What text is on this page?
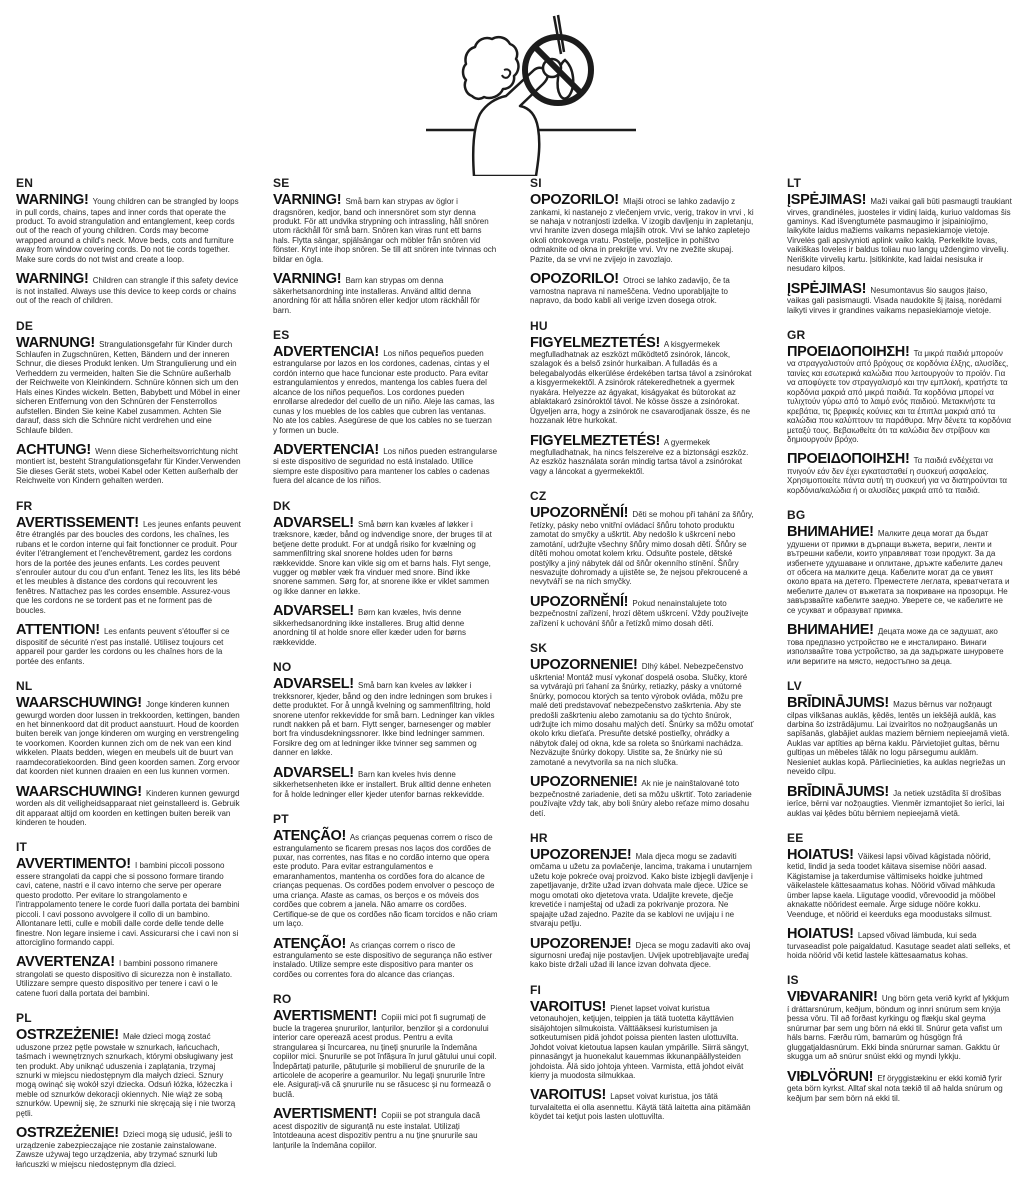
EN

WARNING! Young children can be strangled by loops in pull cords, chains, tapes and inner cords that operate the product. To avoid strangulation and entanglement, keep cords out of the reach of young children. Cords may become wrapped around a child's neck. Move beds, cots and furniture away from window covering cords. Do not tie cords together. Make sure cords do not twist and create a loop.

WARNING! Children can strangle if this safety device is not installed. Always use this device to keep cords or chains out of the reach of children.

DE

WARNUNG! Strangulationsgefahr für Kinder durch Schlaufen in Zugschnüren, Ketten, Bändern und der inneren Schnur, die dieses Produkt lenken. Um Strangulierung und ein Verheddern zu vermeiden, halten Sie die Schnüre außerhalb der Reichweite von Kleinkindern. Schnüre können sich um den Hals eines Kindes wickeln. Betten, Babybett und Möbel in einer sicheren Entfernung von den Schnüren der Fensterrollos aufstellen. Binden Sie keine Kabel zusammen. Achten Sie darauf, dass sich die Schnüre nicht verdrehen und eine Schlaufe bilden.

ACHTUNG! Wenn diese Sicherheitsvorrichtung nicht montiert ist, besteht Strangulationsgefahr für Kinder.Verwenden Sie dieses Gerät stets, wobei Kabel oder Ketten außerhalb der Reichweite von Kindern gehalten werden.

FR

AVERTISSEMENT! Les jeunes enfants peuvent être étranglés par des boucles des cordons, les chaînes, les rubans et le cordon interne qui fait fonctionner ce produit. Pour éviter l'étranglement et l'enchevêtrement, gardez les cordons hors de la portée des jeunes enfants. Les cordes peuvent s'enrouler autour du cou d'un enfant. Tenez les lits, les lits bébé et les meubles à distance des cordons qui recouvrent les fenêtres. N'attachez pas les cordes ensemble. Assurez-vous que les cordons ne se tordent pas et ne forment pas de boucles.

ATTENTION! Les enfants peuvent s'étouffer si ce dispositif de sécurité n'est pas installé. Utilisez toujours cet appareil pour garder les cordons ou les chaînes hors de la portée des enfants.

NL

WAARSCHUWING! Jonge kinderen kunnen gewurgd worden door lussen in trekkoorden, kettingen, banden en het binnenkoord dat dit product aanstuurt. Houd de koorden buiten bereik van jonge kinderen om wurging en verstrengeling te voorkomen. Koorden kunnen zich om de nek van een kind wikkelen. Plaats bedden, wiegen en meubels uit de buurt van raamdecoratiekoorden. Bind geen koorden samen. Zorg ervoor dat koorden niet kunnen draaien en een lus kunnen vormen.

WAARSCHUWING! Kinderen kunnen gewurgd worden als dit veiligheidsapparaat niet geinstalleerd is. Gebruik dit apparaat altijd om koorden en kettingen buiten bereik van kinderen te houden.

IT

AVVERTIMENTO! I bambini piccoli possono essere strangolati da cappi che si possono formare tirando cavi, catene, nastri e il cavo interno che serve per operare questo prodotto. Per evitare lo strangolamento e l'intrappolamento tenere le corde fuori dalla portata dei bambini piccoli. I cavi possono avvolgere il collo di un bambino. Allontanare letti, culle e mobili dalle corde delle tende delle finestre. Non legare insieme i cavi. Assicurarsi che i cavi non si attorciglino formando cappi.

AVVERTENZA! I bambini possono rimanere strangolati se questo dispositivo di sicurezza non è installato. Utilizzare sempre questo dispositivo per tenere i cavi o le catene fuori dalla portata dei bambini.

PL

OSTRZEŻENIE! Małe dzieci mogą zostać uduszone przez pętle powstałe w sznurkach, łańcuchach, taśmach i wewnętrznych sznurkach, którymi obsługiwany jest ten produkt. Aby uniknąć uduszenia i zaplątania, trzymaj sznurki w miejscu niedostępnym dla małych dzieci. Sznury mogą owinąć się wokół szyi dziecka. Odsuń łóżka, łóżeczka i meble od sznurków dekoracji okiennych. Nie wiąż ze sobą sznurków. Upewnij się, że sznurki nie skręcają się i nie tworzą pętli.

OSTRZEŻENIE! Dzieci mogą się udusić, jeśli to urządzenie zabezpieczające nie zostanie zainstalowane. Zawsze używaj tego urządzenia, aby trzymać sznurki lub łańcuszki w miejscu niedostępnym dla dzieci.

SE

VARNING! Små barn kan strypas av öglor i dragsnören, kedjor, band och innersnöret som styr denna produkt. För att undvika strypning och intrassling, håll snören utom räckhåll för små barn. Snören kan viras runt ett barns hals. Flytta sängar, spjälsängar och möbler från snören vid fönster. Knyt inte ihop snören. Se till att snören inte tvinnas och bildar en ögla.

VARNING! Barn kan strypas om denna säkerhetsanordning inte installeras. Använd alltid denna anordning för att hålla snören eller kedjor utom räckhåll för barn.

ES

ADVERTENCIA! Los niños pequeños pueden estrangularse por lazos en los cordones, cadenas, cintas y el cordón interno que hace funcionar este producto. Para evitar estrangulamientos y enredos, mantenga los cables fuera del alcance de los niños pequeños. Los cordones pueden enrollarse alrededor del cuello de un niño. Aleje las camas, las cunas y los muebles de los cables que cubren las ventanas. No ate los cables. Asegúrese de que los cables no se tuerzan y formen un bucle.

ADVERTENCIA! Los niños pueden estrangularse si este dispositivo de seguridad no está instalado. Utilice siempre este dispositivo para mantener los cables o cadenas fuera del alcance de los niños.

DK

ADVARSEL! Små børn kan kvæles af løkker i træksnore, kæder, bånd og indvendige snore, der bruges til at betjene dette produkt. For at undgå risiko for kvælning og sammenfiltring skal snorene holdes uden for børns rækkevidde. Snore kan vikle sig om et barns hals. Flyt senge, vugger og møbler væk fra vinduer med snore. Bind ikke snorene sammen. Sørg for, at snorene ikke er viklet sammen og ikke danner en løkke.

ADVARSEL! Børn kan kvæles, hvis denne sikkerhedsanordning ikke installeres. Brug altid denne anordning til at holde snore eller kæder uden for børns rækkevidde.

NO

ADVARSEL! Små barn kan kveles av løkker i trekksnorer, kjeder, bånd og den indre ledningen som brukes i dette produktet. For å unngå kvelning og sammenfiltring, hold snorene utenfor rekkevidde for små barn. Ledninger kan vikles rundt nakken på et barn. Flytt senger, barnesenger og møbler bort fra vindusdekningssnorer. Ikke bind ledninger sammen. Forsikre deg om at ledninger ikke tvinner seg sammen og danner en løkke.

ADVARSEL! Barn kan kveles hvis denne sikkerhetsenheten ikke er installert. Bruk alltid denne enheten for å holde ledninger eller kjeder utenfor barnas rekkevidde.

PT

ATENÇÃO! As crianças pequenas correm o risco de estrangulamento se ficarem presas nos laços dos cordões de puxar, nas correntes, nas fitas e no cordão interno que opera este produto. Para evitar estrangulamentos e emaranhamentos, mantenha os cordões fora do alcance de crianças pequenas. Os cordões podem envolver o pescoço de uma criança. Afaste as camas, os berços e os móveis dos cordões que cobrem a janela. Não amarre os cordões. Certifique-se de que os cordões não ficam torcidos e não criam um laço.

ATENÇÃO! As crianças correm o risco de estrangulamento se este dispositivo de segurança não estiver instalado. Utilize sempre este dispositivo para manter os cordões ou correntes fora do alcance das crianças.

RO

AVERTISMENT! Copiii mici pot fi sugrumați de bucle la tragerea șnururilor, lanțurilor, benzilor și a cordonului interior care operează acest produs. Pentru a evita strangularea și încurcarea, nu țineți șnururile la îndemâna copiilor mici. Șnururile se pot înfășura în jurul gâtului unui copil. Îndepărtați paturile, pătuțurile și mobilierul de șnururile de la articolele de acoperire a geamurilor. Nu legați șnururile între ele. Asigurați-vă că șnururile nu se răsucesc și nu formează o buclă.

AVERTISMENT! Copiii se pot strangula dacă acest dispozitiv de siguranță nu este instalat. Utilizați întotdeauna acest dispozitiv pentru a nu ține șnururile sau lanțurile la îndemâna copiilor.

SI

OPOZORILO! Mlajši otroci se lahko zadavijo z zankami, ki nastanejo z vlečenjem vrvic, verig, trakov in vrvi , ki se nahaja v notranjosti izdelka. V izogib davljenju in zapletanju, vrvi hranite izven dosega mlajših otrok. Vrvi se lahko zapletejo okoli otrokovega vratu. Postelje, posteljice in pohištvo odmaknite od okna in prekrijte vrvi. Vrv ne zvežite skupaj. Pazite, da se vrvi ne zvijejo in zavozlajo.

OPOZORILO! Otroci se lahko zadavijo, če ta varnostna naprava ni nameščena. Vedno uporabljajte to napravo, da bodo kabli ali verige izven dosega otrok.

HU

FIGYELMEZTETÉS! A kisgyermekek megfulladhatnak az eszközt működtető zsinórok, láncok, szalagok és a belső zsinór hurkaiban. A fulladás és a belegabalyodás elkerülése érdekében tartsa távol a zsinórokat a kisgyermekektől. A zsinórok rátekeredhetnek a gyermek nyakára. Helyezze az ágyakat, kiságyakat és bútorokat az ablaktakaró zsinóroktól távol. Ne kösse össze a zsinórokat. Ügyeljen arra, hogy a zsinórok ne csavarodjanak össze, és ne hozzanak létre hurkokat.

FIGYELMEZTETÉS! A gyermekek megfulladhatnak, ha nincs felszerelve ez a biztonsági eszköz. Az eszköz használata során mindig tartsa távol a zsinórokat vagy a láncokat a gyermekektől.

CZ

UPOZORNĚNÍ! Děti se mohou při tahání za šňůry, řetízky, pásky nebo vnitřní ovládací šňůru tohoto produktu zamotat do smyčky a uškrtit. Aby nedošlo k uškrcení nebo zamotání, udržujte všechny šňůry mimo dosah dětí. Šňůry se dítěti mohou omotat kolem krku. Odsuňte postele, dětské postýlky a jiný nábytek dál od šňůr okenního stínění. Šňůry nesvazujte dohromady a ujistěte se, že nejsou překroucené a nevytváří se na nich smyčky.

UPOZORNĚNÍ! Pokud nenainstalujete toto bezpečnostní zařízení, hrozí dětem uškrcení. Vždy používejte zařízení k uchování šňůr a řetízků mimo dosah dětí.

SK

UPOZORNENIE! Dlhý kábel. Nebezpečenstvo uškrtenia! Montáž musí vykonať dospelá osoba. Slučky, ktoré sa vytvárajú pri ťahaní za šnúrky, retiazky, pásky a vnútorné šnúrky, pomocou ktorých sa tento výrobok ovláda, môžu pre malé deti predstavovať nebezpečenstvo zaškrtenia. Aby ste predošli zaškrteniu alebo zamotaniu sa do týchto šnúrok, udržujte ich mimo dosahu malých detí. Šnúrky sa môžu omotať okolo krku dieťaťa. Presuňte detské postieľky, ohrádky a nábytok ďalej od okna, kde sa roleta so šnúrkami nachádza. Nezväzujte šnúrky dokopy. Uistite sa, že šnúrky nie sú zamotané a nevytvorila sa na nich slučka.

UPOZORNENIE! Ak nie je nainštalované toto bezpečnostné zariadenie, deti sa môžu uškrtiť. Toto zariadenie používajte vždy tak, aby boli šnúry alebo reťaze mimo dosahu detí.

HR

UPOZORENJE! Mala djeca mogu se zadaviti omčama u užetu za povlačenje, lancima, trakama i unutarnjem užetu koje pokreće ovaj proizvod. Kako biste izbjegli davljenje i zapetljavanje, držite užad izvan dohvata male djece. Užice se mogu omotati oko djetetova vrata. Udaljite krevete, dječje krevetiće i namještaj od užadi za pokrivanje prozora. Ne spajajte užad zajedno. Pazite da se kablovi ne uvijaju i ne stvaraju petlju.

UPOZORENJE! Djeca se mogu zadaviti ako ovaj sigurnosni uređaj nije postavljen. Uvijek upotrebljavajte uređaj kako biste držali užad ili lance izvan dohvata djece.

FI

VAROITUS! Pienet lapset voivat kuristua vetonauhojen, ketjujen, teippien ja tätä tuotetta käyttävien sisäjohtojen silmukoista. Välttääksesi kuristumisen ja sotkeutumisen pidä johdot poissa pienten lasten ulottuvilta. Johdot voivat kietoutua lapsen kaulan ympärille. Siirrä sängyt, pinnasängyt ja huonekalut kauemmas ikkunanpäällysteiden johdoista. Älä sido johtoja yhteen. Varmista, että johdot eivät kierry ja muodosta silmukkaa.

VAROITUS! Lapset voivat kuristua, jos tätä turvalaitetta ei olla asennettu. Käytä tätä laitetta aina pitämään köydet tai ketjut pois lasten ulottuvilta.

LT

ĮSPĖJIMAS! Maži vaikai gali būti pasmaugti traukiant virves, grandinėles, juosteles ir vidinį laidą, kuriuo valdomas šis gaminys. Kad išvengtumėte pasmaugimo ir įsipainiojimo, laikykite laidus mažiems vaikams nepasiekiamoje vietoje. Virvelės gali apsivynioti aplink vaiko kaklą. Perkelkite lovas, vaikiškas loveles ir baldus toliau nuo langų uždengimo virvelių. Neriškite virvelių kartu. Įsitikinkite, kad laidai nesisuka ir nesudaro kilpos.

ĮSPĖJIMAS! Nesumontavus šio saugos įtaiso, vaikas gali pasismaugti. Visada naudokite šį įtaisą, norėdami laikyti virves ir grandines vaikams nepasiekiamoje vietoje.

GR

ΠΡΟΕΙΔΟΠΟΙΗΣΗ! Τα μικρά παιδιά μπορούν να στραγγαλιστούν από βρόχους σε κορδόνια έλξης, αλυσίδες, ταινίες και εσωτερικά καλώδια που λειτουργούν το προϊόν. Για να αποφύγετε τον στραγγαλισμό και την εμπλοκή, κρατήστε τα κορδόνια μακριά από μικρά παιδιά. Τα κορδόνια μπορεί να τυλιχτούν γύρω από το λαιμό ενός παιδιού. Μετακινήστε τα κρεβάτια, τις βρεφικές κούνιες και τα έπιπλα μακριά από τα καλώδια που καλύπτουν τα παράθυρα. Μην δένετε τα κορδόνια μεταξύ τους. Βεβαιωθείτε ότι τα καλώδια δεν στρίβουν και δημιουργούν βρόχο.

ΠΡΟΕΙΔΟΠΟΙΗΣΗ! Τα παιδιά ενδέχεται να πνιγούν εάν δεν έχει εγκατασταθεί η συσκευή ασφαλείας. Χρησιμοποιείτε πάντα αυτή τη συσκευή για να διατηρούνται τα κορδόνια/καλώδια ή οι αλυσίδες μακριά από τα παιδιά.

BG

ВНИМАНИЕ! Малките деца могат да бъдат удушени от примки в дърпащи въжета, вериги, ленти и вътрешни кабели, които управляват този продукт. За да избегнете удушаване и оплитане, дръжте кабелите далеч от обсега на малките деца. Кабелите могат да се увият около врата на детето. Преместете леглата, креватчетата и мебелите далеч от въжетата за покриване на прозорци. Не завързвайте кабелите заедно. Уверете се, че кабелите не се усукват и образуват примка.

ВНИМАНИЕ! Децата може да се задушат, ако това предпазно устройство не е инсталирано. Винаги използвайте това устройство, за да задържате шнуровете или веригите на място, недостъпно за деца.

LV

BRĪDINĀJUMS! Mazus bērnus var nožņaugt cilpas vilkšanas auklās, ķēdēs, lentēs un iekšējā auklā, kas darbina šo izstrādājumu. Lai izvairītos no nožņaugšanās un sapīšanās, glabājiet auklas maziem bērniem nepieejamā vietā. Auklas var aptīties ap bērna kaklu. Pārvietojiet gultas, bērnu gultiņas un mēbeles tālāk no logu pārsegumu auklām. Nesieniet auklas kopā. Pārliecinieties, ka auklas negriežas un neveido cilpu.

BRĪDINĀJUMS! Ja netiek uzstādīta šī drošības ierīce, bērni var nožņaugties. Vienmēr izmantojiet šo ierīci, lai auklas vai ķēdes būtu bērniem nepieejamā vietā.

EE

HOIATUS! Väikesi lapsi võivad kägistada nöörid, ketid, lindid ja seda toodet käitava sisemise nööri aasad. Kägistamise ja takerdumise vältimiseks hoidke juhtmed väikelastele kättesaamatus kohas. Nöörid võivad mähkuda ümber lapse kaela. Liigutage voodid, võrevoodid ja mööbel aknakatte nööridest eemale. Ärge siduge nööre kokku. Veenduge, et nöörid ei keerduks ega moodustaks silmust.

HOIATUS! Lapsed võivad lämbuda, kui seda turvaseadist pole paigaldatud. Kasutage seadet alati selleks, et hoida nöörid või ketid lastele kättesaamatus kohas.

IS

VIÐVARANIR! Ung börn geta verið kyrkt af lykkjum í dráttarsnúrum, keðjum, böndum og innri snúrum sem knýja þessa vöru. Til að forðast kyrkingu og flækju skal geyma snúrurnar þar sem ung börn ná ekki til. Snúrur geta vafist um háls barns. Færðu rúm, barnarúm og húsgögn frá gluggatjaldasnúrum. Ekki binda snúrurnar saman. Gakktu úr skugga um að snúrur snúist ekki og myndi lykkju.

VIÐLVÖRUN! Ef öryggistækinu er ekki komið fyrir geta börn kyrkst. Alltaf skal nota tækið til að halda snúrum og keðjum þar sem börn ná ekki til.
